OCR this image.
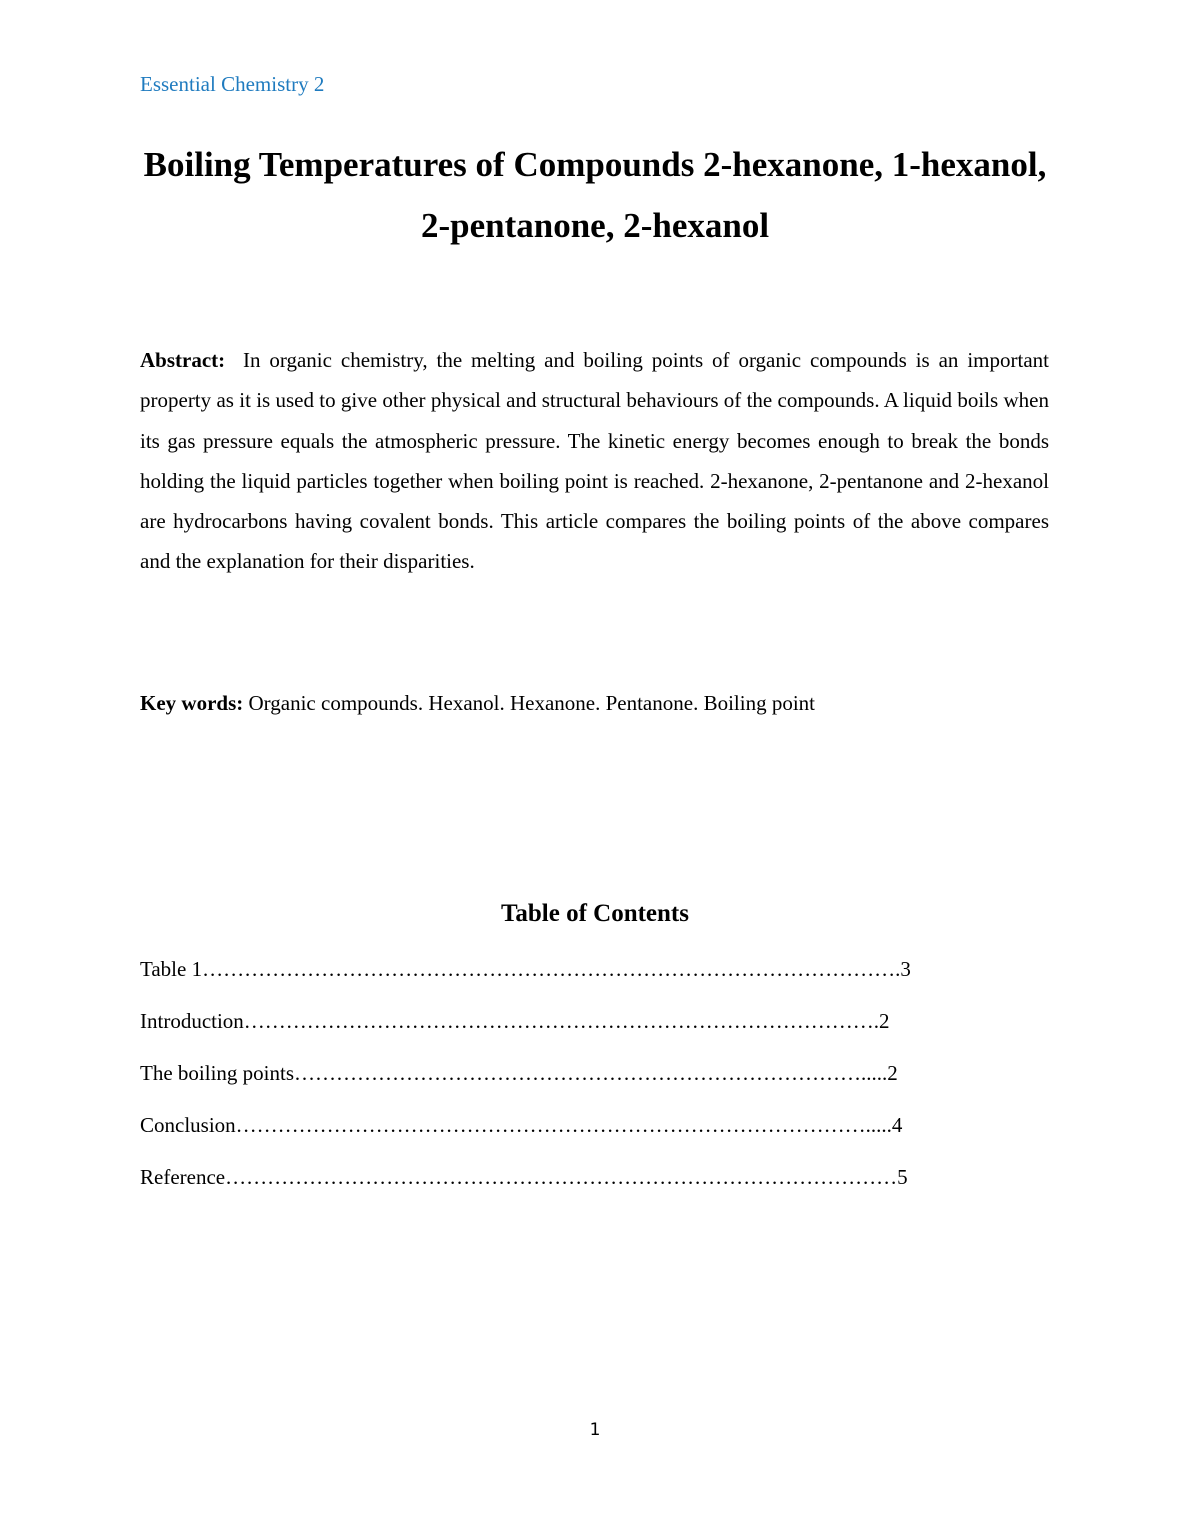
Essential Chemistry 2
Boiling Temperatures of Compounds 2-hexanone, 1-hexanol,
2-pentanone, 2-hexanol
Abstract: In organic chemistry, the melting and boiling points of organic compounds is an important property as it is used to give other physical and structural behaviours of the compounds. A liquid boils when its gas pressure equals the atmospheric pressure. The kinetic energy becomes enough to break the bonds holding the liquid particles together when boiling point is reached. 2-hexanone, 2-pentanone and 2-hexanol are hydrocarbons having covalent bonds. This article compares the boiling points of the above compares and the explanation for their disparities.
Key words: Organic compounds. Hexanol. Hexanone. Pentanone. Boiling point
Table of Contents
Table 1……………………………………………………………………………………….3
Introduction……………………………………………………………………………….2
The boiling points……………………………………………………………………….....2
Conclusion……………………………………………………………………………….....4
Reference……………………………………………………………………………………5
1
